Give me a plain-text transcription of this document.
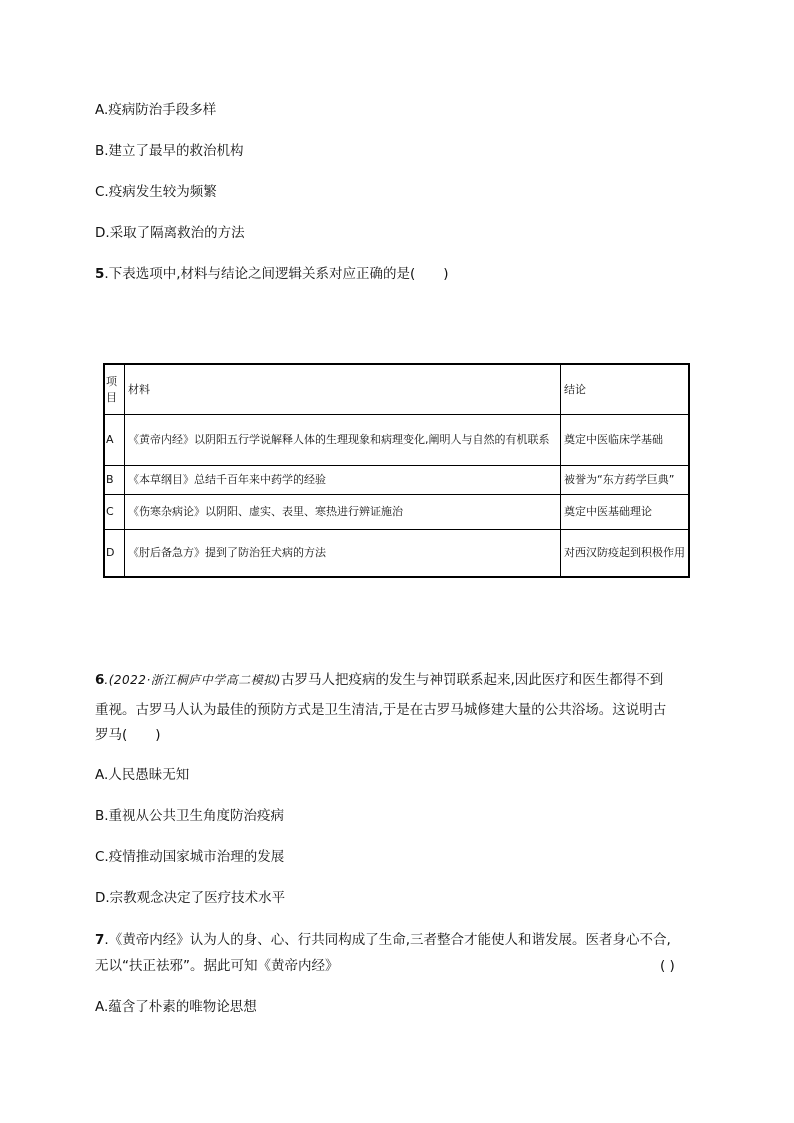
A.疫病防治手段多样
B.建立了最早的救治机构
C.疫病发生较为频繁
D.采取了隔离救治的方法
5.下表选项中,材料与结论之间逻辑关系对应正确的是( )
项目	材料	结论
A	《黄帝内经》以阴阳五行学说解释人体的生理现象和病理变化,阐明人与自然的有机联系	奠定中医临床学基础
B	《本草纲目》总结千百年来中药学的经验	被誉为“东方药学巨典”
C	《伤寒杂病论》以阴阳、虚实、表里、寒热进行辨证施治	奠定中医基础理论
D	《肘后备急方》提到了防治狂犬病的方法	对西汉防疫起到积极作用
6.(2022·浙江桐庐中学高二模拟)古罗马人把疫病的发生与神罚联系起来,因此医疗和医生都得不到
重视。古罗马人认为最佳的预防方式是卫生清洁,于是在古罗马城修建大量的公共浴场。这说明古
罗马( )
A.人民愚昧无知
B.重视从公共卫生角度防治疫病
C.疫情推动国家城市治理的发展
D.宗教观念决定了医疗技术水平
7.《黄帝内经》认为人的身、心、行共同构成了生命,三者整合才能使人和谐发展。医者身心不合,
无以“扶正祛邪”。据此可知《黄帝内经》	( )
A.蕴含了朴素的唯物论思想
